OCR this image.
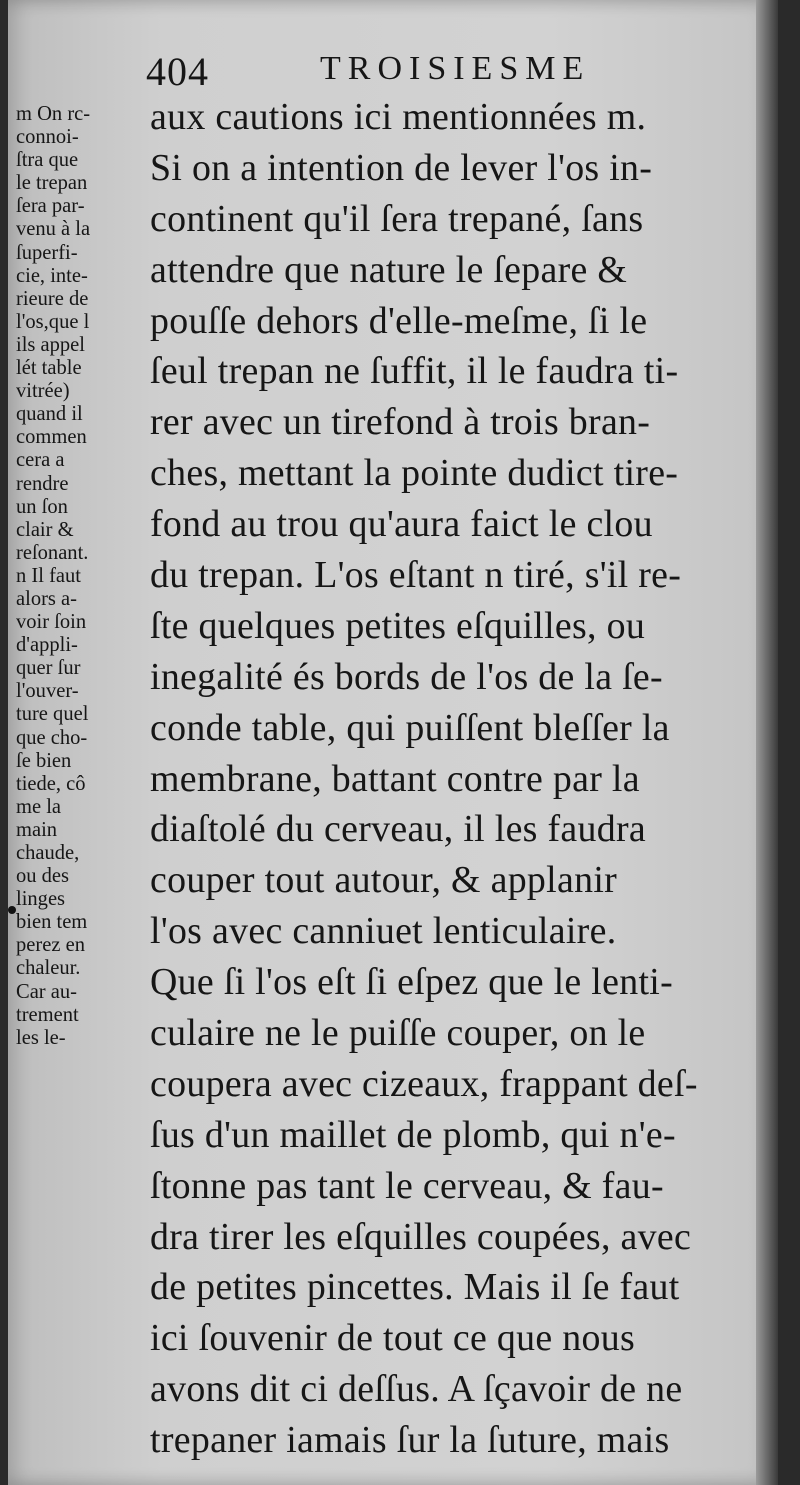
404	TROISIESME
m On rc-
connoi-
ſtra que
le trepan
ſera par-
venu à la
ſuperfi-
cie, inte-
rieure de
l'os,que l
ils appel
lét table
vitrée)
quand il
commen
cera a
rendre
un ſon
clair &
reſonant.
n Il faut
alors a-
voir ſoin
d'appli-
quer ſur
l'ouver-
ture quel
que cho-
ſe bien
tiede, cô
me la
main
chaude,
ou des
linges
bien tem
perez en
chaleur.
Car au-
trement
les le-
aux cautions ici mentionnées m.
Si on a intention de lever l'os in-
continent qu'il ſera trepané, ſans
attendre que nature le ſepare &
pouſſe dehors d'elle-meſme, ſi le
ſeul trepan ne ſuffit, il le faudra ti-
rer avec un tirefond à trois bran-
ches, mettant la pointe dudict tire-
fond au trou qu'aura faict le clou
du trepan. L'os eſtant n tiré, s'il re-
ſte quelques petites eſquilles, ou
inegalité és bords de l'os de la ſe-
conde table, qui puiſſent bleſſer la
membrane, battant contre par la
diaſtolé du cerveau, il les faudra
couper tout autour, & applanir
l'os avec canniuet lenticulaire.
Que ſi l'os eſt ſi eſpez que le lenti-
culaire ne le puiſſe couper, on le
coupera avec cizeaux, frappant deſ-
ſus d'un maillet de plomb, qui n'e-
ſtonne pas tant le cerveau, & fau-
dra tirer les eſquilles coupées, avec
de petites pincettes. Mais il ſe faut
ici ſouvenir de tout ce que nous
avons dit ci deſſus. A ſçavoir de ne
trepaner iamais ſur la ſuture, mais
